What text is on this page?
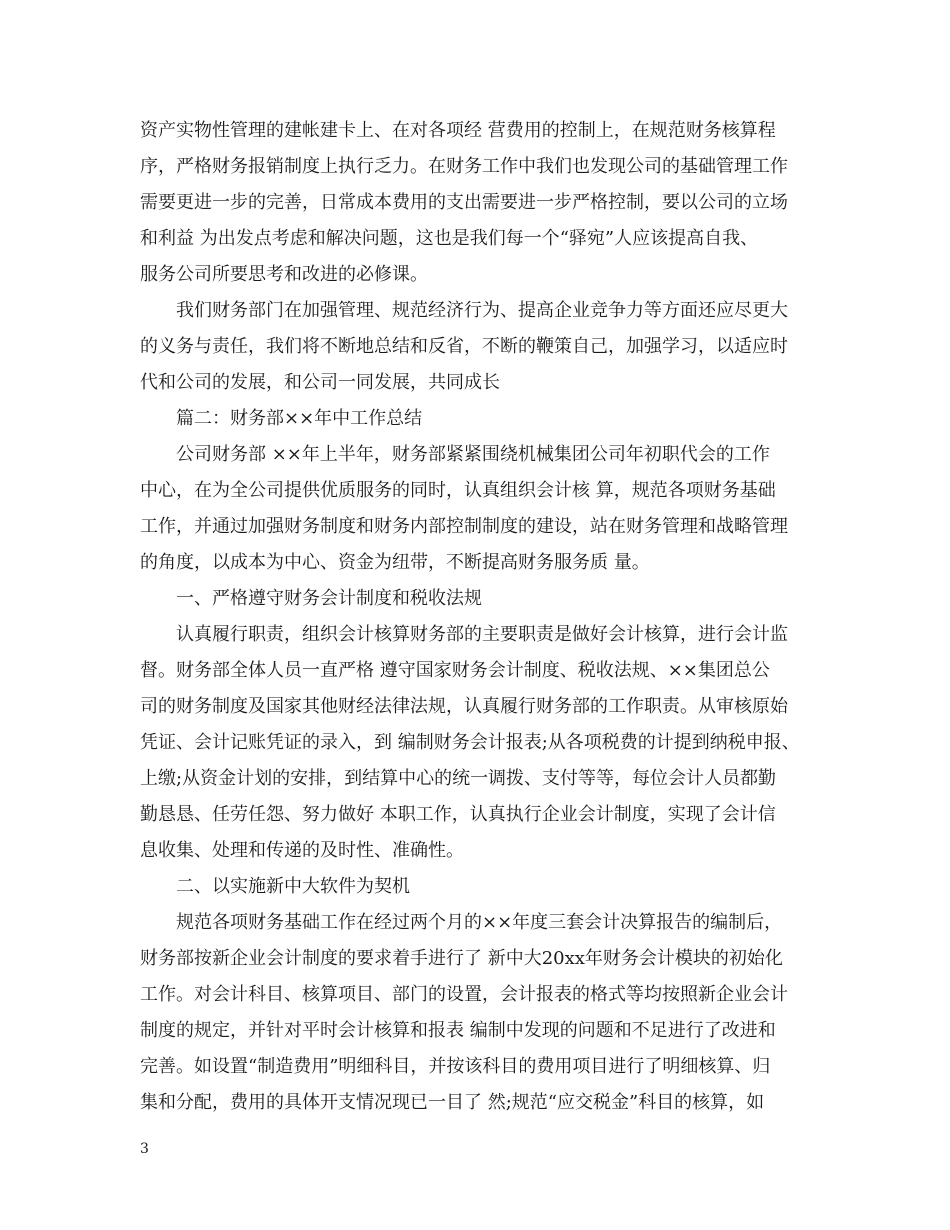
资产实物性管理的建帐建卡上、在对各项经 营费用的控制上，在规范财务核算程
序，严格财务报销制度上执行乏力。在财务工作中我们也发现公司的基础管理工作
需要更进一步的完善，日常成本费用的支出需要进一步严格控制，要以公司的立场
和利益 为出发点考虑和解决问题，这也是我们每一个“驿宛”人应该提高自我、
服务公司所要思考和改进的必修课。
我们财务部门在加强管理、规范经济行为、提高企业竞争力等方面还应尽更大
的义务与责任，我们将不断地总结和反省，不断的鞭策自己，加强学习，以适应时
代和公司的发展，和公司一同发展，共同成长
篇二：财务部××年中工作总结
公司财务部 ××年上半年，财务部紧紧围绕机械集团公司年初职代会的工作
中心，在为全公司提供优质服务的同时，认真组织会计核 算，规范各项财务基础
工作，并通过加强财务制度和财务内部控制制度的建设，站在财务管理和战略管理
的角度，以成本为中心、资金为纽带，不断提高财务服务质 量。
一、严格遵守财务会计制度和税收法规
认真履行职责，组织会计核算财务部的主要职责是做好会计核算，进行会计监
督。财务部全体人员一直严格 遵守国家财务会计制度、税收法规、××集团总公
司的财务制度及国家其他财经法律法规，认真履行财务部的工作职责。从审核原始
凭证、会计记账凭证的录入，到 编制财务会计报表;从各项税费的计提到纳税申报、
上缴;从资金计划的安排，到结算中心的统一调拨、支付等等，每位会计人员都勤
勤恳恳、任劳任怨、努力做好 本职工作，认真执行企业会计制度，实现了会计信
息收集、处理和传递的及时性、准确性。
二、以实施新中大软件为契机
规范各项财务基础工作在经过两个月的××年度三套会计决算报告的编制后，
财务部按新企业会计制度的要求着手进行了 新中大20xx年财务会计模块的初始化
工作。对会计科目、核算项目、部门的设置，会计报表的格式等均按照新企业会计
制度的规定，并针对平时会计核算和报表 编制中发现的问题和不足进行了改进和
完善。如设置“制造费用”明细科目，并按该科目的费用项目进行了明细核算、归
集和分配，费用的具体开支情况现已一目了 然;规范“应交税金”科目的核算，如
3
